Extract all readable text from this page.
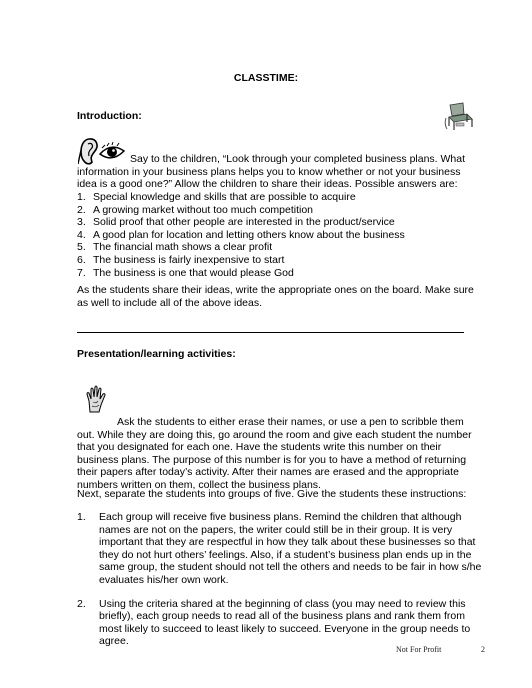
CLASSTIME:
Introduction:
Say to the children, “Look through your completed business plans. What information in your business plans helps you to know whether or not your business idea is a good one?” Allow the children to share their ideas. Possible answers are:
1. Special knowledge and skills that are possible to acquire
2. A growing market without too much competition
3. Solid proof that other people are interested in the product/service
4. A good plan for location and letting others know about the business
5. The financial math shows a clear profit
6. The business is fairly inexpensive to start
7. The business is one that would please God
As the students share their ideas, write the appropriate ones on the board. Make sure as well to include all of the above ideas.
Presentation/learning activities:
Ask the students to either erase their names, or use a pen to scribble them out. While they are doing this, go around the room and give each student the number that you designated for each one. Have the students write this number on their business plans. The purpose of this number is for you to have a method of returning their papers after today’s activity. After their names are erased and the appropriate numbers written on them, collect the business plans.
Next, separate the students into groups of five. Give the students these instructions:
1. Each group will receive five business plans. Remind the children that although names are not on the papers, the writer could still be in their group. It is very important that they are respectful in how they talk about these businesses so that they do not hurt others’ feelings. Also, if a student’s business plan ends up in the same group, the student should not tell the others and needs to be fair in how s/he evaluates his/her own work.
2. Using the criteria shared at the beginning of class (you may need to review this briefly), each group needs to read all of the business plans and rank them from most likely to succeed to least likely to succeed. Everyone in the group needs to agree.
Not For Profit	2
